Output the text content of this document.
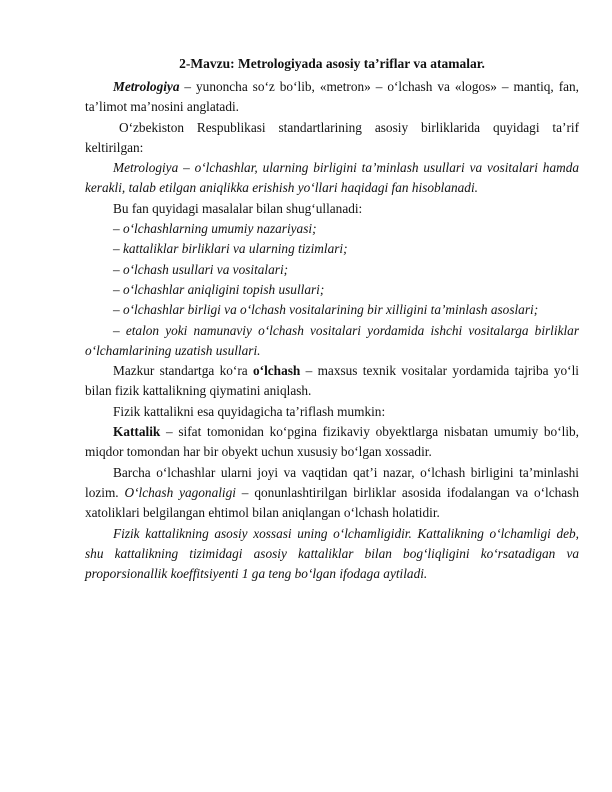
2-Mavzu: Metrologiyada asosiy ta’riflar va atamalar.

Metrologiya – yunoncha so‘z bo‘lib, «metron» – o‘lchash va «logos» – mantiq, fan, ta’limot ma’nosini anglatadi.

O‘zbekiston Respublikasi standartlarining asosiy birliklarida quyidagi ta’rif keltirilgan:

Metrologiya – o‘lchashlar, ularning birligini ta’minlash usullari va vositalari hamda kerakli, talab etilgan aniqlikka erishish yo‘llari haqidagi fan hisoblanadi.

Bu fan quyidagi masalalar bilan shug‘ullanadi:

– o‘lchashlarning umumiy nazariyasi;

– kattaliklar birliklari va ularning tizimlari;

– o‘lchash usullari va vositalari;

– o‘lchashlar aniqligini topish usullari;

– o‘lchashlar birligi va o‘lchash vositalarining bir xilligini ta’minlash asoslari;

– etalon yoki namunaviy o‘lchash vositalari yordamida ishchi vositalarga birliklar o‘lchamlarining uzatish usullari.

Mazkur standartga ko‘ra o‘lchash – maxsus texnik vositalar yordamida tajriba yo‘li bilan fizik kattalikning qiymatini aniqlash.

Fizik kattalikni esa quyidagicha ta’riflash mumkin:

Kattalik – sifat tomonidan ko‘pgina fizikaviy obyektlarga nisbatan umumiy bo‘lib, miqdor tomondan har bir obyekt uchun xususiy bo‘lgan xossadir.

Barcha o‘lchashlar ularni joyi va vaqtidan qat’i nazar, o‘lchash birligini ta’minlashi lozim. O‘lchash yagonaligi – qonunlashtirilgan birliklar asosida ifodalangan va o‘lchash xatoliklari belgilangan ehtimol bilan aniqlangan o‘lchash holatidir.

Fizik kattalikning asosiy xossasi uning o‘lchamligidir. Kattalikning o‘lchamligi deb, shu kattalikning tizimidagi asosiy kattaliklar bilan bog‘liqligini ko‘rsatadigan va proporsionallik koeffitsiyenti 1 ga teng bo‘lgan ifodaga aytiladi.
